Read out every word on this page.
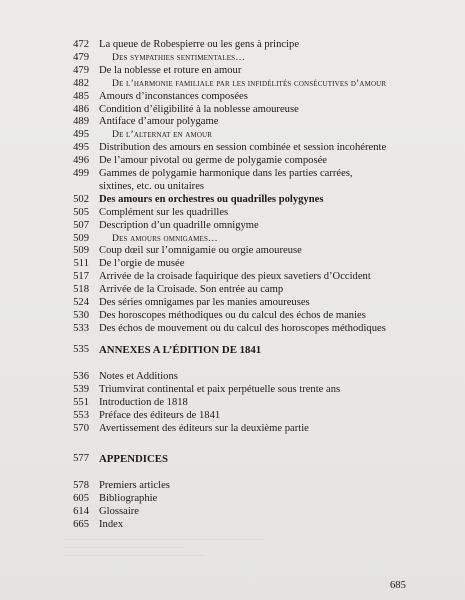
472 La queue de Robespierre ou les gens à principe
479 Des sympathies sentimentales…
479 De la noblesse et roture en amour
482 De l’harmonie familiale par les infidélités consécutives d’amour
485 Amours d’inconstances composées
486 Condition d’éligibilité à la noblesse amoureuse
489 Antiface d’amour polygame
495 De l’alternat en amour
495 Distribution des amours en session combinée et session incohérente
496 De l’amour pivotal ou germe de polygamie composée
499 Gammes de polygamie harmonique dans les parties carrées,
sixtines, etc. ou unitaires
502 Des amours en orchestres ou quadrilles polygynes
505 Complément sur les quadrilles
507 Description d’un quadrille omnigyme
509 Des amours omnigames…
509 Coup dœil sur l’omnigamie ou orgie amoureuse
511 De l’orgie de musée
517 Arrivée de la croisade faquirique des pieux savetiers d’Occident
518 Arrivée de la Croisade. Son entrée au camp
524 Des séries omnigames par les manies amoureuses
530 Des horoscopes méthodiques ou du calcul des échos de manies
533 Des échos de mouvement ou du calcul des horoscopes méthodiques
535 ANNEXES A L’ÉDITION DE 1841
536 Notes et Additions
539 Triumvirat continental et paix perpétuelle sous trente ans
551 Introduction de 1818
553 Préface des éditeurs de 1841
570 Avertissement des éditeurs sur la deuxième partie
577 APPENDICES
578 Premiers articles
605 Bibliographie
614 Glossaire
665 Index
685
